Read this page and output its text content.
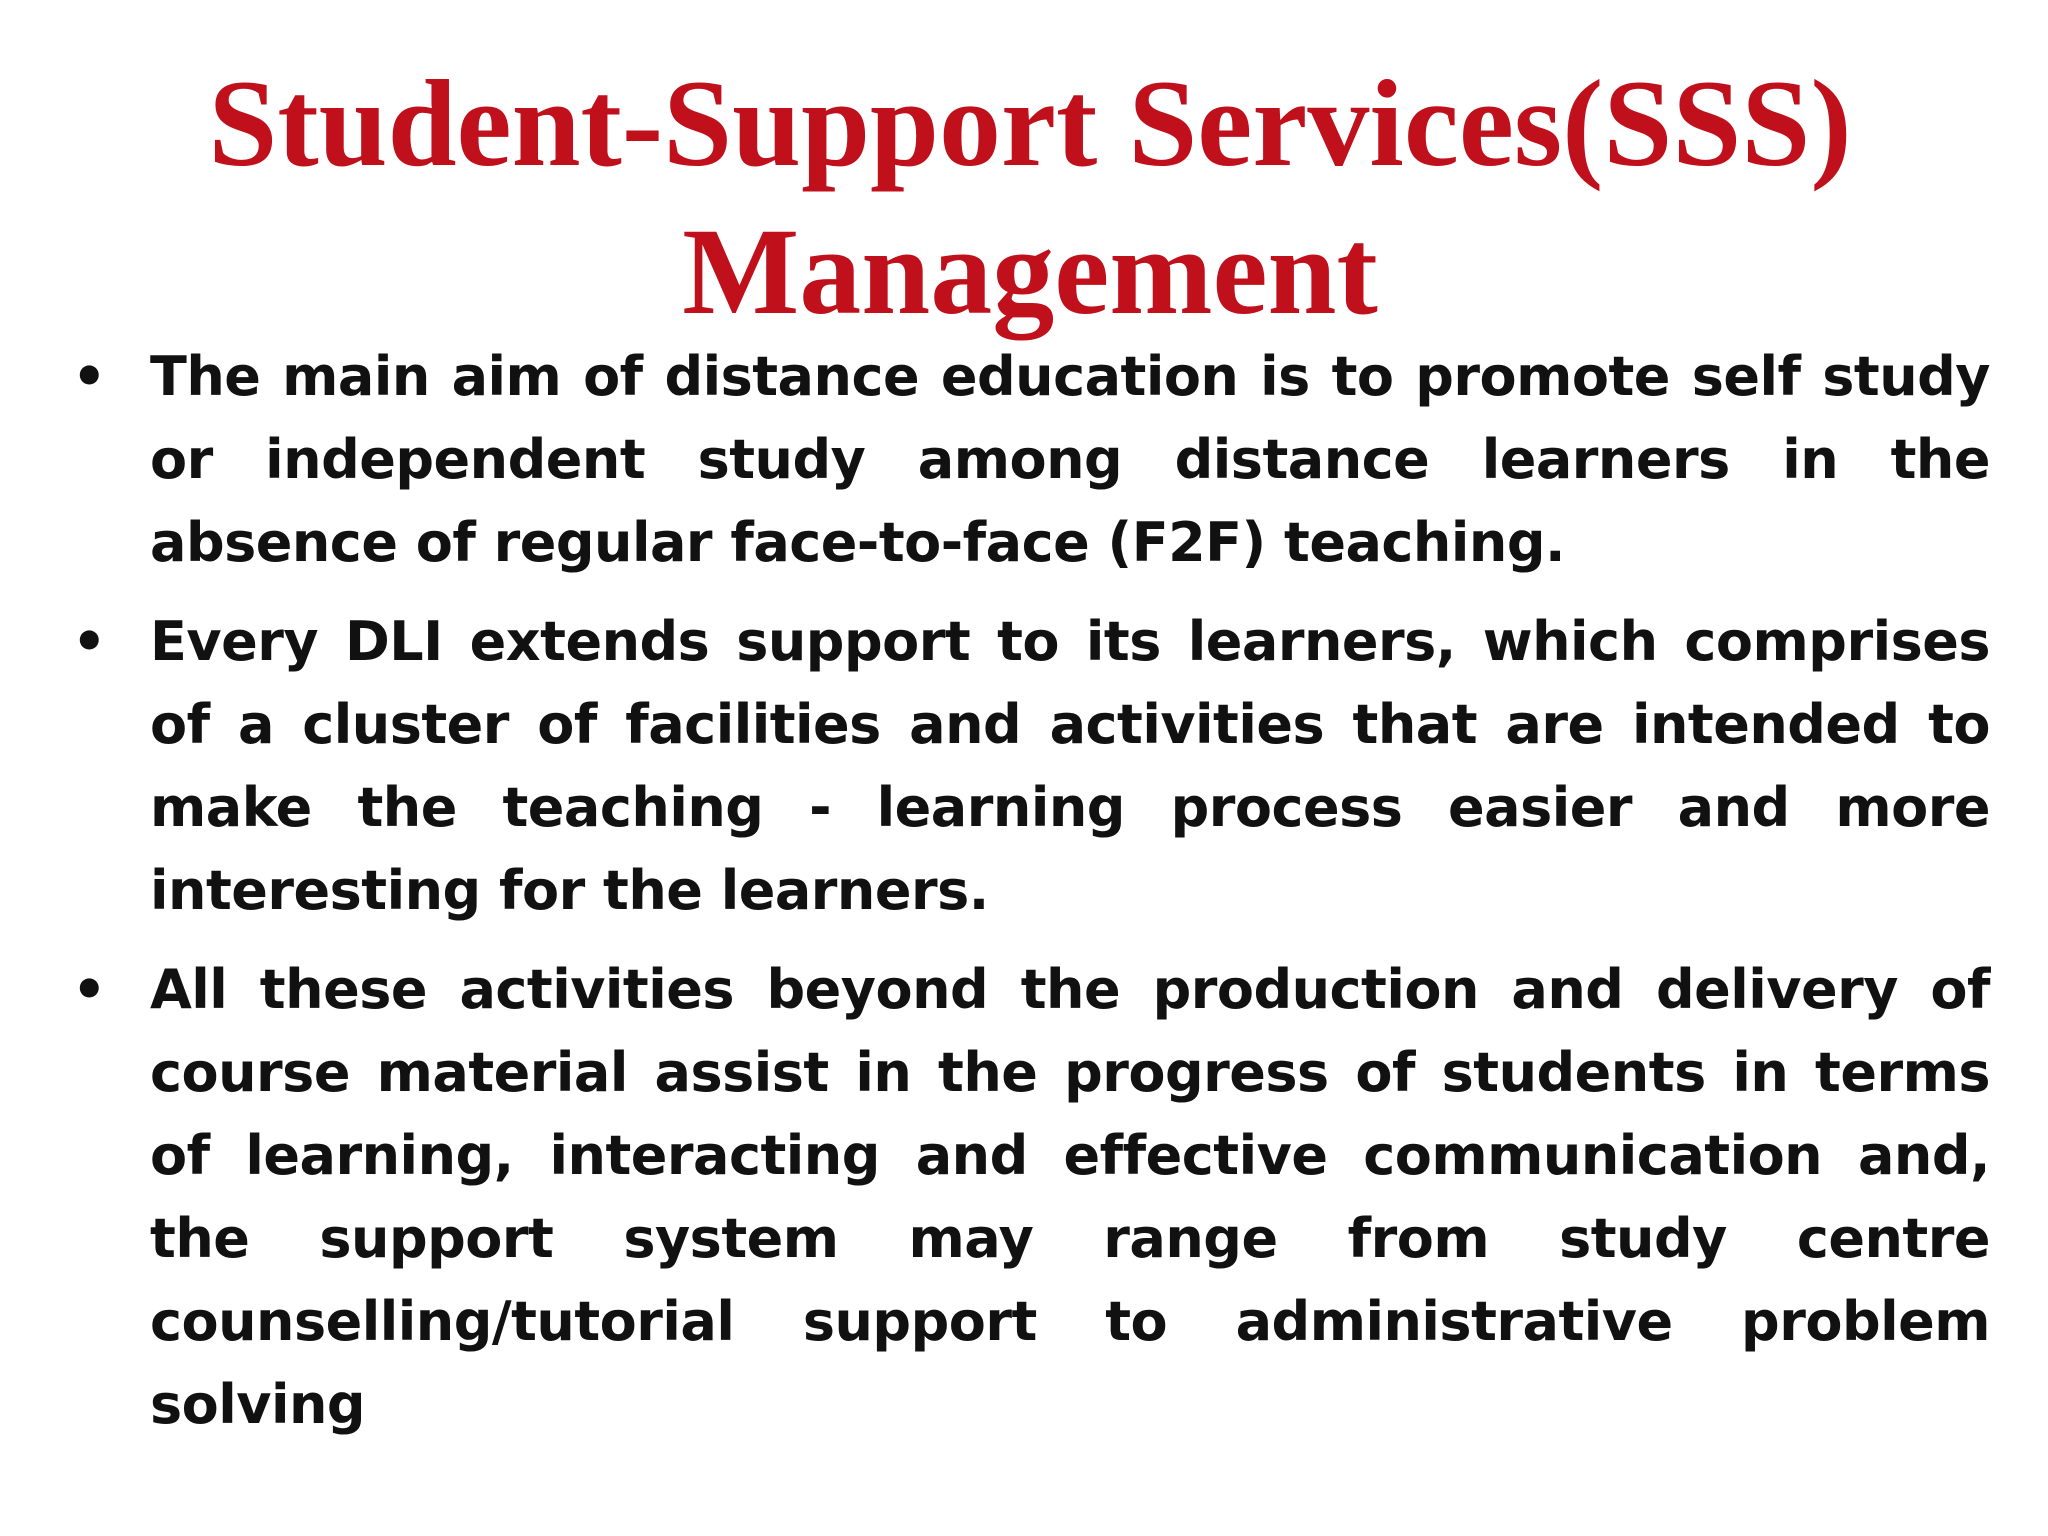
Student-Support Services(SSS)
Management
• The main aim of distance education is to promote self study or independent study among distance learners in the absence of regular face-to-face (F2F) teaching.
• Every DLI extends support to its learners, which comprises of a cluster of facilities and activities that are intended to make the teaching - learning process easier and more interesting for the learners.
• All these activities beyond the production and delivery of course material assist in the progress of students in terms of learning, interacting and effective communication and, the support system may range from study centre counselling/tutorial support to administrative problem solving
